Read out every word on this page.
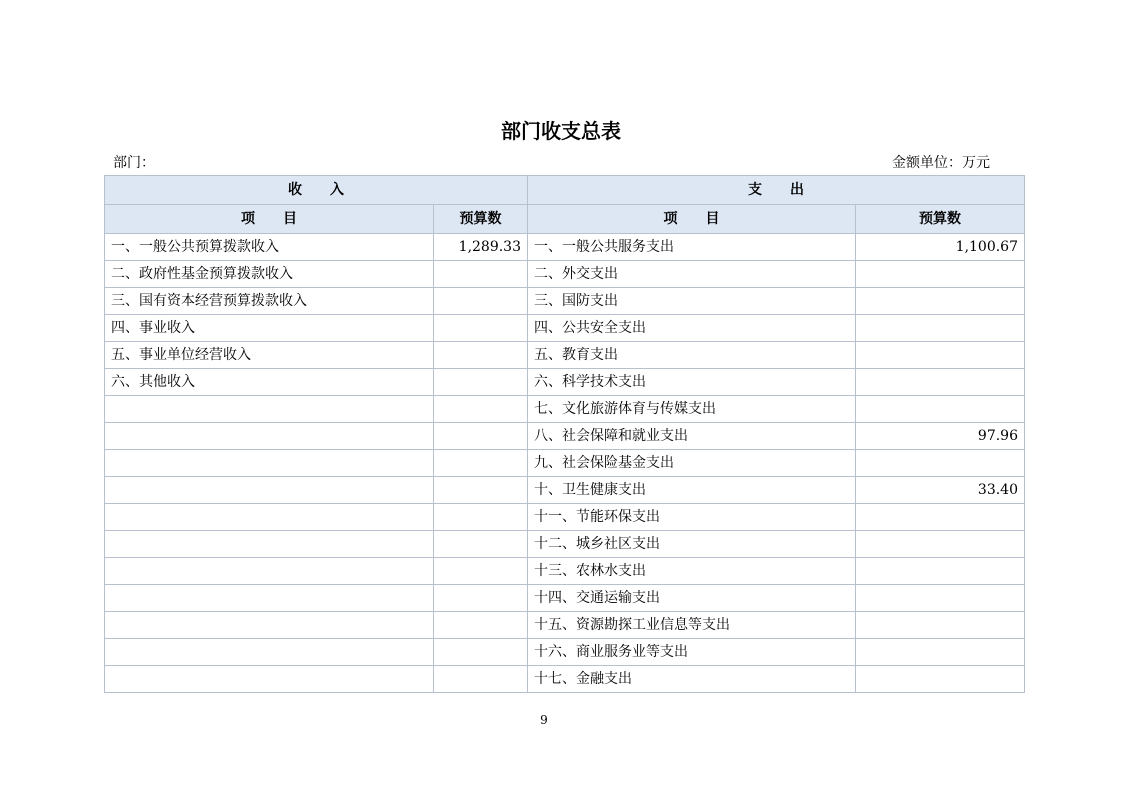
部门收支总表
部门：	金额单位：万元
收　　入		支　　出	
项　　目	预算数	项　　目	预算数
一、一般公共预算拨款收入	1,289.33	一、一般公共服务支出	1,100.67
二、政府性基金预算拨款收入		二、外交支出	
三、国有资本经营预算拨款收入		三、国防支出	
四、事业收入		四、公共安全支出	
五、事业单位经营收入		五、教育支出	
六、其他收入		六、科学技术支出	
		七、文化旅游体育与传媒支出	
		八、社会保障和就业支出	97.96
		九、社会保险基金支出	
		十、卫生健康支出	33.40
		十一、节能环保支出	
		十二、城乡社区支出	
		十三、农林水支出	
		十四、交通运输支出	
		十五、资源勘探工业信息等支出	
		十六、商业服务业等支出	
		十七、金融支出	
9
